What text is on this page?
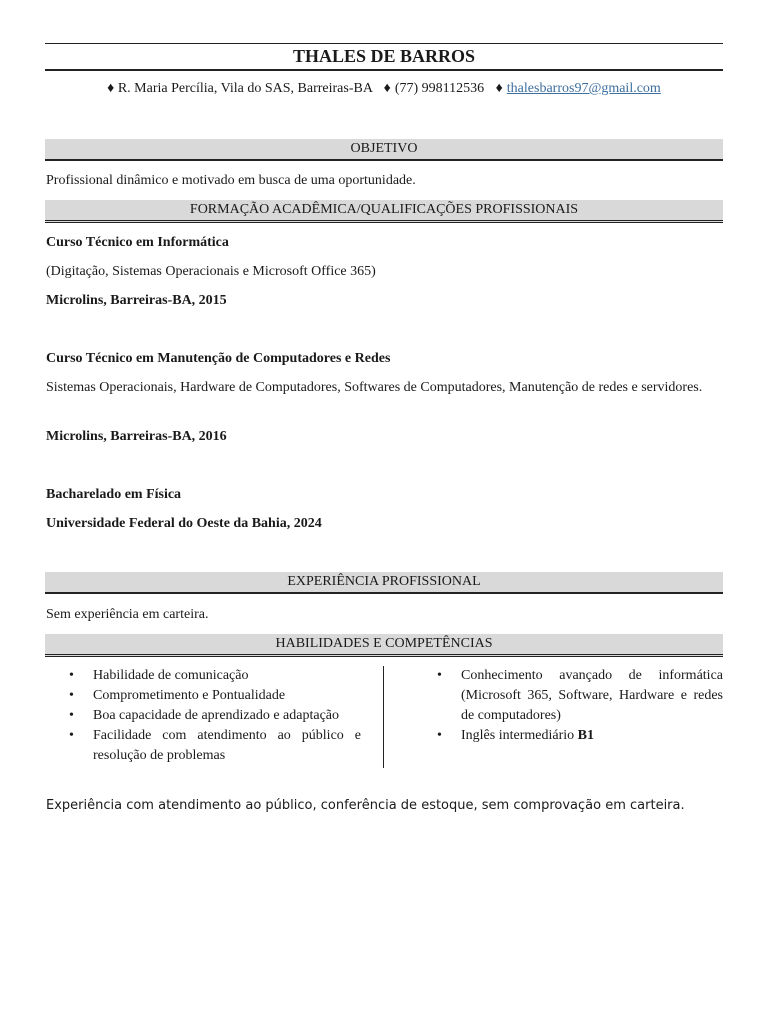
THALES DE BARROS
♦ R. Maria Percília, Vila do SAS, Barreiras-BA ♦ (77) 998112536 ♦ thalesbarros97@gmail.com
OBJETIVO
Profissional dinâmico e motivado em busca de uma oportunidade.
FORMAÇÃO ACADÊMICA/QUALIFICAÇÕES PROFISSIONAIS
Curso Técnico em Informática
(Digitação, Sistemas Operacionais e Microsoft Office 365)
Microlins, Barreiras-BA, 2015
Curso Técnico em Manutenção de Computadores e Redes
Sistemas Operacionais, Hardware de Computadores, Softwares de Computadores, Manutenção de redes e servidores.
Microlins, Barreiras-BA, 2016
Bacharelado em Física
Universidade Federal do Oeste da Bahia, 2024
EXPERIÊNCIA PROFISSIONAL
Sem experiência em carteira.
HABILIDADES E COMPETÊNCIAS
• Habilidade de comunicação
• Comprometimento e Pontualidade
• Boa capacidade de aprendizado e adaptação
• Facilidade com atendimento ao público e resolução de problemas
• Conhecimento avançado de informática (Microsoft 365, Software, Hardware e redes de computadores)
• Inglês intermediário B1
Experiência com atendimento ao público, conferência de estoque, sem comprovação em carteira.
